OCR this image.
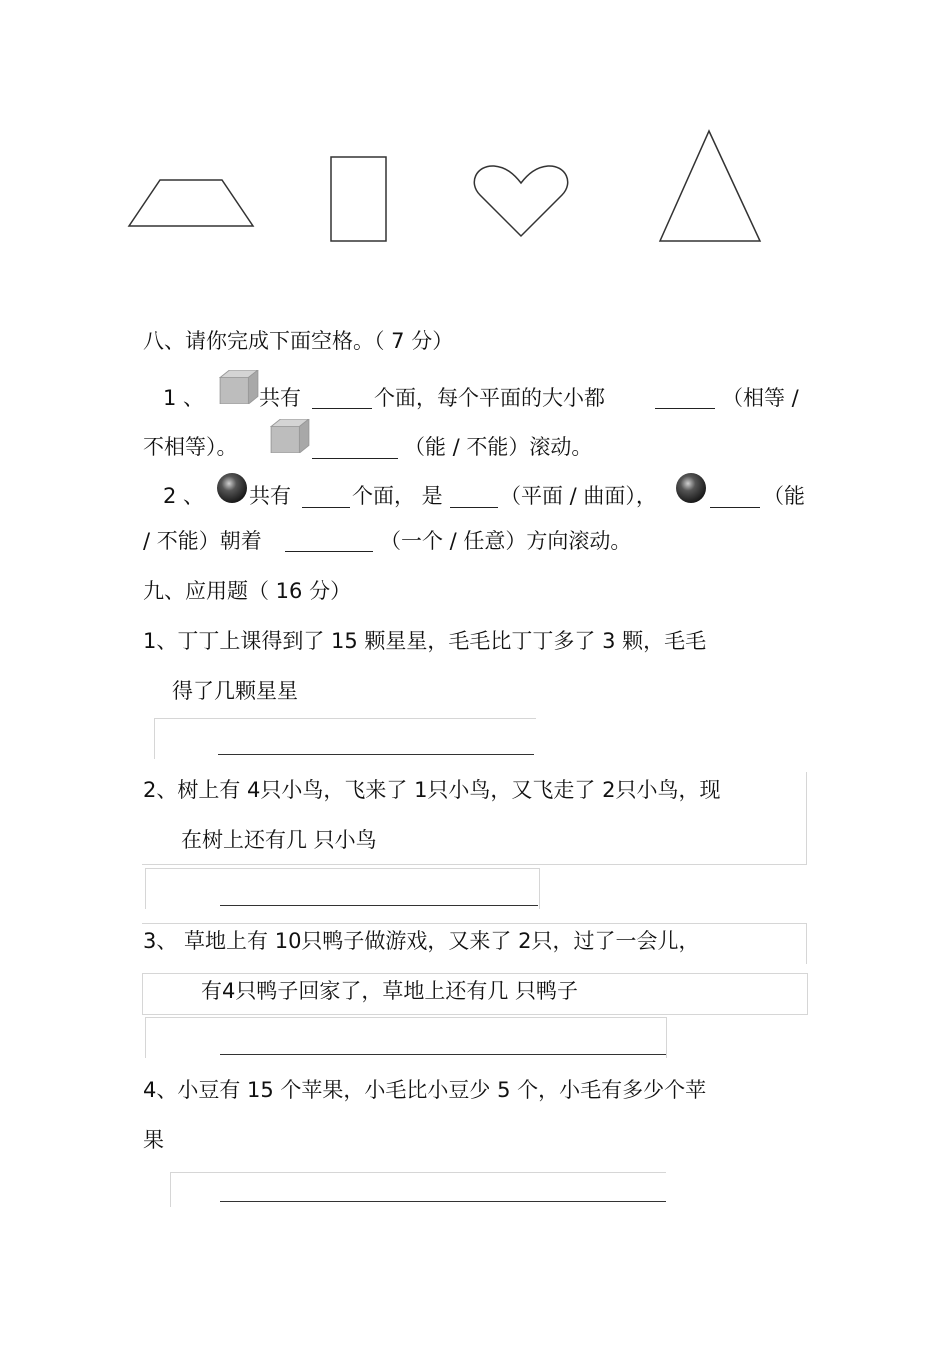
八、请你完成下面空格。（ 7 分）
1 、	共有	个面，每个平面的大小都	（相等 /
不相等）。	（能 / 不能）滚动。
2 、 共有	个面， 是	（平面 / 曲面），	（能
/ 不能）朝着	（一个 / 任意）方向滚动。
九、应用题（ 16 分）
1、丁丁上课得到了 15 颗星星，毛毛比丁丁多了 3 颗，毛毛
得了几颗星星
2、树上有 4只小鸟，飞来了 1只小鸟，又飞走了 2只小鸟，现
在树上还有几 只小鸟
3、 草地上有 10只鸭子做游戏，又来了 2只，过了一会儿，
有4只鸭子回家了，草地上还有几 只鸭子
4、小豆有 15 个苹果，小毛比小豆少 5 个，小毛有多少个苹
果
